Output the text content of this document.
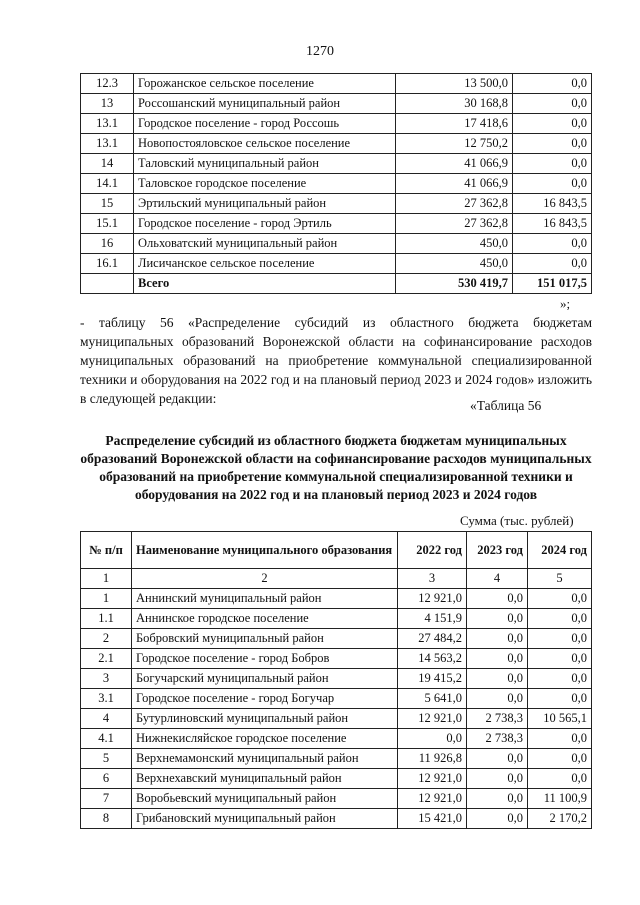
1270
12.3	Горожанское сельское поселение	13 500,0	0,0
13	Россошанский муниципальный район	30 168,8	0,0
13.1	Городское поселение - город Россошь	17 418,6	0,0
13.1	Новопостояловское сельское поселение	12 750,2	0,0
14	Таловский муниципальный район	41 066,9	0,0
14.1	Таловское городское поселение	41 066,9	0,0
15	Эртильский муниципальный район	27 362,8	16 843,5
15.1	Городское поселение - город Эртиль	27 362,8	16 843,5
16	Ольховатский муниципальный район	450,0	0,0
16.1	Лисичанское сельское поселение	450,0	0,0
	Всего	530 419,7	151 017,5
»;
- таблицу 56 «Распределение субсидий из областного бюджета бюджетам муниципальных образований Воронежской области на софинансирование расходов муниципальных образований на приобретение коммунальной специализированной техники и оборудования на 2022 год и на плановый период 2023 и 2024 годов» изложить в следующей редакции:	«Таблица 56
Распределение субсидий из областного бюджета бюджетам муниципальных образований Воронежской области на софинансирование расходов муниципальных образований на приобретение коммунальной специализированной техники и оборудования на 2022 год и на плановый период 2023 и 2024 годов
Сумма (тыс. рублей)
№ п/п	Наименование муниципального образования	2022 год	2023 год	2024 год
1	2	3	4	5
1	Аннинский муниципальный район	12 921,0	0,0	0,0
1.1	Аннинское городское поселение	4 151,9	0,0	0,0
2	Бобровский муниципальный район	27 484,2	0,0	0,0
2.1	Городское поселение - город Бобров	14 563,2	0,0	0,0
3	Богучарский муниципальный район	19 415,2	0,0	0,0
3.1	Городское поселение - город Богучар	5 641,0	0,0	0,0
4	Бутурлиновский муниципальный район	12 921,0	2 738,3	10 565,1
4.1	Нижнекисляйское городское поселение	0,0	2 738,3	0,0
5	Верхнемамонский муниципальный район	11 926,8	0,0	0,0
6	Верхнехавский муниципальный район	12 921,0	0,0	0,0
7	Воробьевский муниципальный район	12 921,0	0,0	11 100,9
8	Грибановский муниципальный район	15 421,0	0,0	2 170,2
